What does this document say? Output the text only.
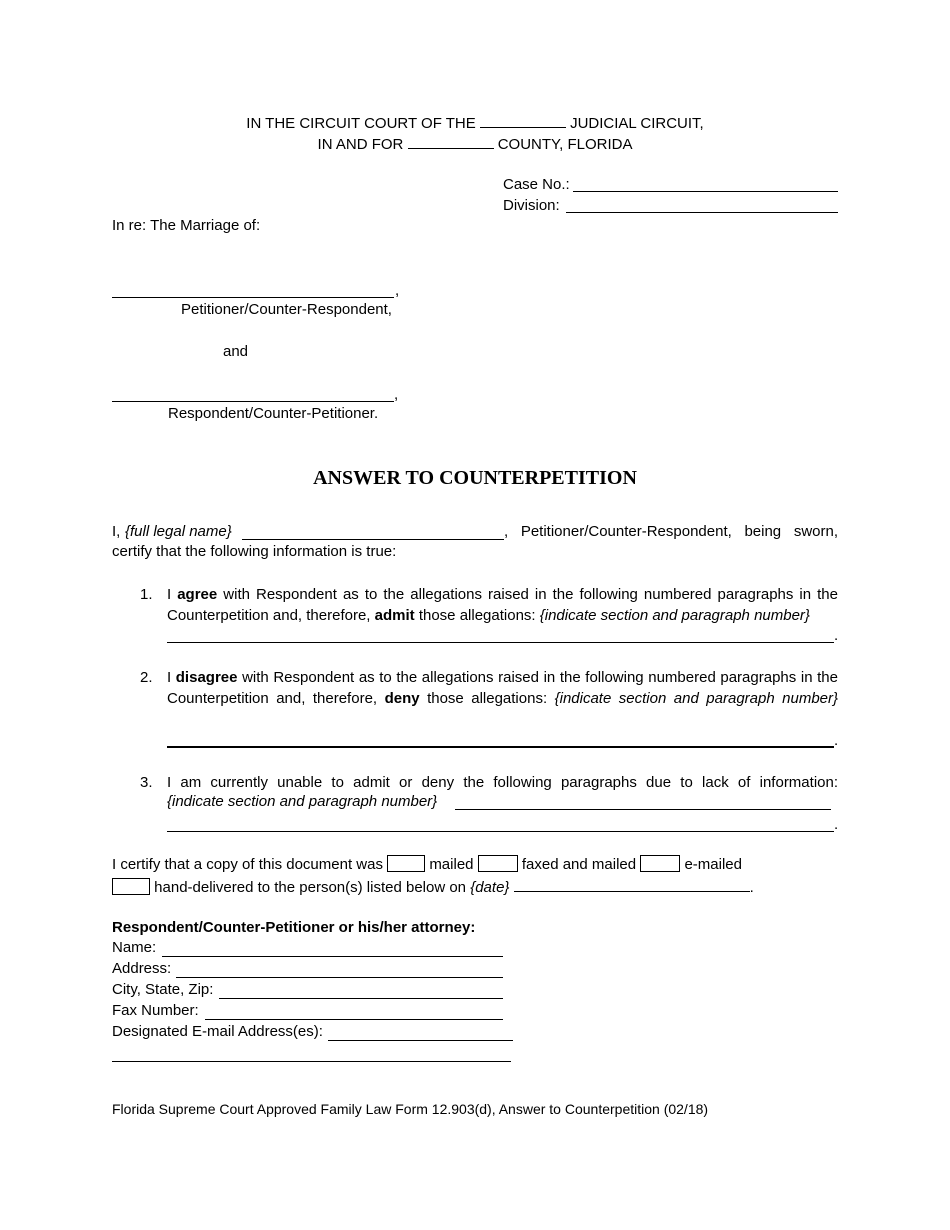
IN THE CIRCUIT COURT OF THE	JUDICIAL CIRCUIT,
IN AND FOR	COUNTY, FLORIDA
Case No.:
Division:
In re: The Marriage of:
,
Petitioner/Counter-Respondent,
and
,
Respondent/Counter-Petitioner.
ANSWER TO COUNTERPETITION
I, {full legal name}	, Petitioner/Counter-Respondent, being sworn,
certify that the following information is true:
1. I agree with Respondent as to the allegations raised in the following numbered paragraphs in the Counterpetition and, therefore, admit those allegations: {indicate section and paragraph number}
.
2. I disagree with Respondent as to the allegations raised in the following numbered paragraphs in the Counterpetition and, therefore, deny those allegations: {indicate section and paragraph number}
.
3. I am currently unable to admit or deny the following paragraphs due to lack of information:
{indicate section and paragraph number}
.
I certify that a copy of this document was	mailed	faxed and mailed	e-mailed
hand-delivered to the person(s) listed below on {date}	.
Respondent/Counter-Petitioner or his/her attorney:
Name:
Address:
City, State, Zip:
Fax Number:
Designated E-mail Address(es):
Florida Supreme Court Approved Family Law Form 12.903(d), Answer to Counterpetition (02/18)
